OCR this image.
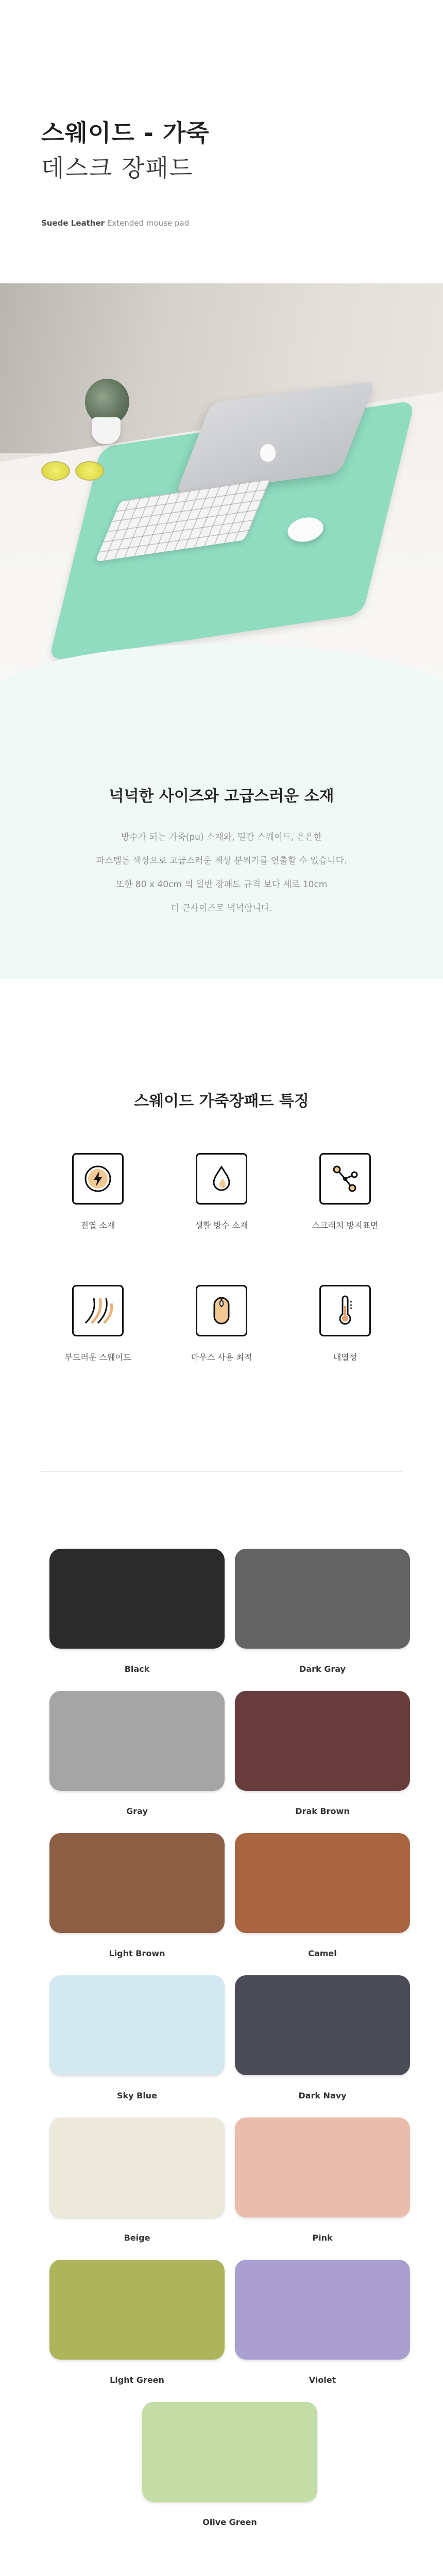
스웨이드 - 가죽
데스크 장패드
Suede Leather Extended mouse pad
넉넉한 사이즈와 고급스러운 소재
방수가 되는 가죽(pu) 소재와, 밀감 스웨이드, 은은한
파스텔톤 색상으로 고급스러운 책상 분위기를 연출할 수 있습니다.
또한 80 x 40cm 의 일반 장패드 규격 보다 세로 10cm
더 큰사이즈로 넉넉합니다.
스웨이드 가죽장패드 특징
전열 소재	생활 방수 소재	스크래치 방지표면
부드러운 스웨이드	마우스 사용 최적	내열성
Black	Dark Gray
Gray	Drak Brown
Light Brown	Camel
Sky Blue	Dark Navy
Beige	Pink
Light Green	Violet
Olive Green
